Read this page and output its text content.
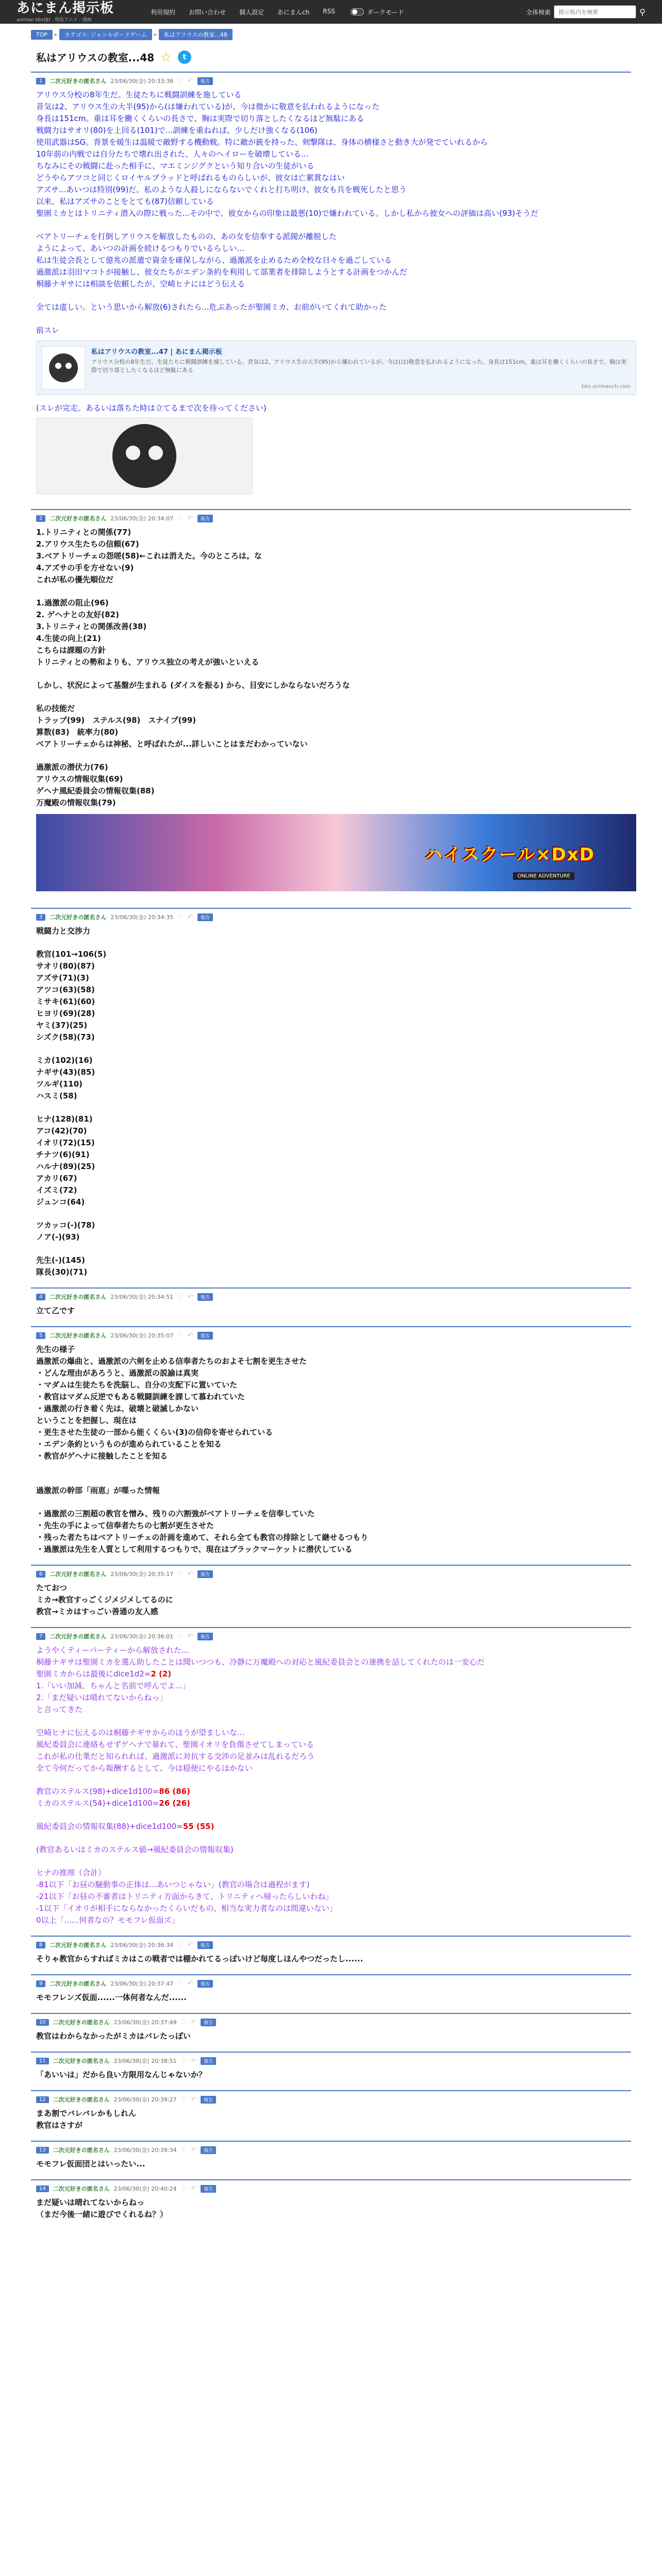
あにまん掲示板
animan bbs(β) . 現役アニメ・漫画
利用規約 お問い合わせ 個人設定 あにまんch RSS	ダークモード	全体検索
掲示板内を検索	⚲
TOP	▸	カテゴリ: ジャンルボードゲーム	▸	私はアリウスの教室...48
私はアリウスの教室...48 ☆	t
1	二次元好きの匿名さん 23/06/30(金) 20:33:36 ♡ ↶	報告
アリウス分校の8年生だ。生徒たちに戦闘訓練を施している
昔気は2、アリウス生の大半(95)から(は嫌われている)が、今は微かに敬意を払われるようになった
身長は151cm。重は耳を働くくらいの長さで、胸は実際で切り落としたくなるほど無駄にある
戦闘力はサオリ(80)を上回る(101)で...訓練を重ねれば、少しだけ強くなる(106)
使用武器はSG。背景を暖生は温暖で敵野する機動戦。特に敵が銃を持った、剣撃隊は、身体の横様さと動き大が発でていれるから
10年前の内戦では自分たちで壊れ出された、人々のヘイローを破壊している...
ちなみにその戦闘に赴った相手に、マエミンジグクという知り合いの生徒がいる
どうやらアツコと同じくロイヤルブラッドと呼ばれるものらしいが、彼女は亡累賞なはい
アズサ...あいつは特別(99)だ。私のような人殺しにならないでくれと打ち明け、彼女も兵を戦死したと思う
以来、私はアズサのことをとても(87)信頼している
聖園ミカとはトリニティ潜入の際に戦った...その中で、彼女からの印象は最悪(10)で嫌われている。しかし私から彼女への評価は高い(93)そうだ
ベアトリーチェを打倒しアリウスを解放したものの、あの女を信奉する派閥が離脱した
ようによって、あいつの計画を続けるつもりでいるらしい...
私は生徒会長として億兆の派遣で資金を確保しながら、過激派を止めるため全校な日々を過ごしている
過激派は羽田マコトが接触し、彼女たちがエデン条約を利用して部業者を排除しようとする計画をつかんだ
桐藤ナギサには相談を依頼したが、空崎ヒナにはどう伝える
全ては虚しい。という思いから解放(6)されたら...危ぶあったが聖園ミカ、お前がいてくれて助かった
前スレ
私はアリウスの教室...47 | あにまん掲示板
アリウス分校の8年生だ。生徒たちに戦闘訓練を施している。昔気は2、アリウス生の大半(95)から嫌われているが、今は(は)敬意を払われるようになった。身長は151cm。重は耳を働くくらいの長さで、胸は実際で切り落としたくなるほど無駄にある
bbs.animanch.com
(スレが完走。あるいは落ちた時は立てるまで次を待ってください)
2	二次元好きの匿名さん 23/06/30(金) 20:34:07 ♡ ↶	報告
1.トリニティとの関係(77)
2.アリウス生たちの信頼(67)
3.ベアトリーチェの怨嗟(58)←これは消えた。今のところは。な
4.アズサの手を方せない(9)
これが私の優先順位だ
1.過激派の阻止(96)
2. ゲヘナとの友好(82)
3.トリニティとの関係改善(38)
4.生徒の向上(21)
こちらは課題の方針
トリニティとの勢和よりも、アリウス独立の考えが強いといえる
しかし、状況によって基盤が生まれる (ダイスを振る) から、目安にしかならないだろうな
私の技能だ
トラップ(99)　ステルス(98)　スナイプ(99)
算数(83)　統率力(80)
ベアトリーチェからは神秘、と呼ばれたが...詳しいことはまだわかっていない
過激派の潜伏力(76)
アリウスの情報収集(69)
ゲヘナ風紀委員会の情報収集(88)
万魔殿の情報収集(79)
ハイスクール×DxD
ONLINE ADVENTURE
3	二次元好きの匿名さん 23/06/30(金) 20:34:35 ♡ ↶	報告
戦闘力と交渉力
教官(101→106(5)
サオリ(80)(87)
アズサ(71)(3)
アツコ(63)(58)
ミサキ(61)(60)
ヒヨリ(69)(28)
ヤミ(37)(25)
シズク(58)(73)
ミカ(102)(16)
ナギサ(43)(85)
ツルギ(110)
ハスミ(58)
ヒナ(128)(81)
アコ(42)(70)
イオリ(72)(15)
チナツ(6)(91)
ハルナ(89)(25)
アカリ(67)
イズミ(72)
ジュンコ(64)
ツカッコ(-)(78)
ノア(-)(93)
先生(-)(145)
隊長(30)(71)
4	二次元好きの匿名さん 23/06/30(金) 20:34:51 ♡ ↶	報告
立て乙です
5	二次元好きの匿名さん 23/06/30(金) 20:35:07 ♡ ↶	報告
先生の様子
過激派の爆曲と、過激派の六剣を止める信奉者たちのおよそ七割を更生させた
・どんな理由があろうと、過激派の説諭は真実
・マダムは生徒たちを洗脳し、自分の支配下に置いていた
・教官はマダム反逆でもある戦闘訓練を課して慕われていた
・過激派の行き着く先は、破壊と破滅しかない
ということを把握し、現在は
・更生させた生徒の一部から能くくらい(3)の信仰を寄せられている
・エデン条約というものが進められていることを知る
・教官がゲヘナに接触したことを知る
過激派の幹部「雨恵」が喋った情報
・過激派の三割超の教官を憎み、残りの六割強がベアトリーチェを信奉していた
・先生の手によって信奉者たちの七割が更生させた
・残った者たちはベアトリーチェの計画を進めて、それら全ても教官の排除として継せるつもり
・過激派は先生を人質として利用するつもりで、現在はブラックマーケットに潜伏している
6	二次元好きの匿名さん 23/06/30(金) 20:35:17 ♡ ↶	報告
たておつ
ミカ→教官すっごくジメジメしてるのに
教官→ミカはすっごい善通の友人感
7	二次元好きの匿名さん 23/06/30(金) 20:36:01 ♡ ↶	報告
ようやくティーパーティーから解放された...
桐藤ナギサは聖園ミカを選ん助したことは聞いつつも、冷静に万魔殿への対応と風紀委員会との連携を話してくれたのは一安心だ
聖園ミカからは最後にdice1d2=2 (2)
1.「いい加減、ちゃんと名前で呼んでよ...」
2.「まだ疑いは晴れてないからねっ」
と言ってきた
空崎ヒナに伝えるのは桐藤ナギサからのほうが望ましいな...
風紀委員会に連絡もせずゲヘナで暴れて、聖園イオリを負傷させてしまっている
これが私の仕業だと知られれば、過激派に対抗する交渉の足並みは乱れるだろう
全て今何だってから報酬するとして、今は穏便にやるほかない
教官のステルス(98)+dice1d100=86 (86)
ミカのステルス(54)+dice1d100=26 (26)
風紀委員会の情報収集(88)+dice1d100=55 (55)
(教官あるいはミカのステルス値→風紀委員会の情報収集)
ヒナの推理（合計）
-81以下「お昼の騒動事の正体は...あいつじゃない」(教官の場合は過程がます)
-21以下「お昼の不審者はトリニティ方面からきて、トリニティへ帰ったらしいわね」
-1以下「イオリが相手にならなかったくらいだもの、相当な実力者なのは間違いない」
0以上「......何者なの？モモフレ仮面ズ」
8	二次元好きの匿名さん 23/06/30(金) 20:36:34 ♡ ↶	報告
そりゃ教官からすればミカはこの戦者では棚かれてるっぽいけど毎度しほんやつだったし......
9	二次元好きの匿名さん 23/06/30(金) 20:37:47 ♡ ↶	報告
モモフレンズ仮面......一体何者なんだ......
10	二次元好きの匿名さん 23/06/30(金) 20:37:49 ♡ ↶	報告
教官はわからなかったがミカはバレたっぽい
11	二次元好きの匿名さん 23/06/30(金) 20:38:51 ♡ ↶	報告
「あいいは」だから良い方限用なんじゃないか？
12	二次元好きの匿名さん 23/06/30(金) 20:39:27 ♡ ↶	報告
まあ割でバレバレかもしれん
教官はさすが
13	二次元好きの匿名さん 23/06/30(金) 20:39:34 ♡ ↶	報告
モモフレ仮面団とはいったい...
14	二次元好きの匿名さん 23/06/30(金) 20:40:24 ♡ ↶	報告
まだ疑いは晴れてないからねっ
（まだ今後一緒に遊びでくれるね？）
